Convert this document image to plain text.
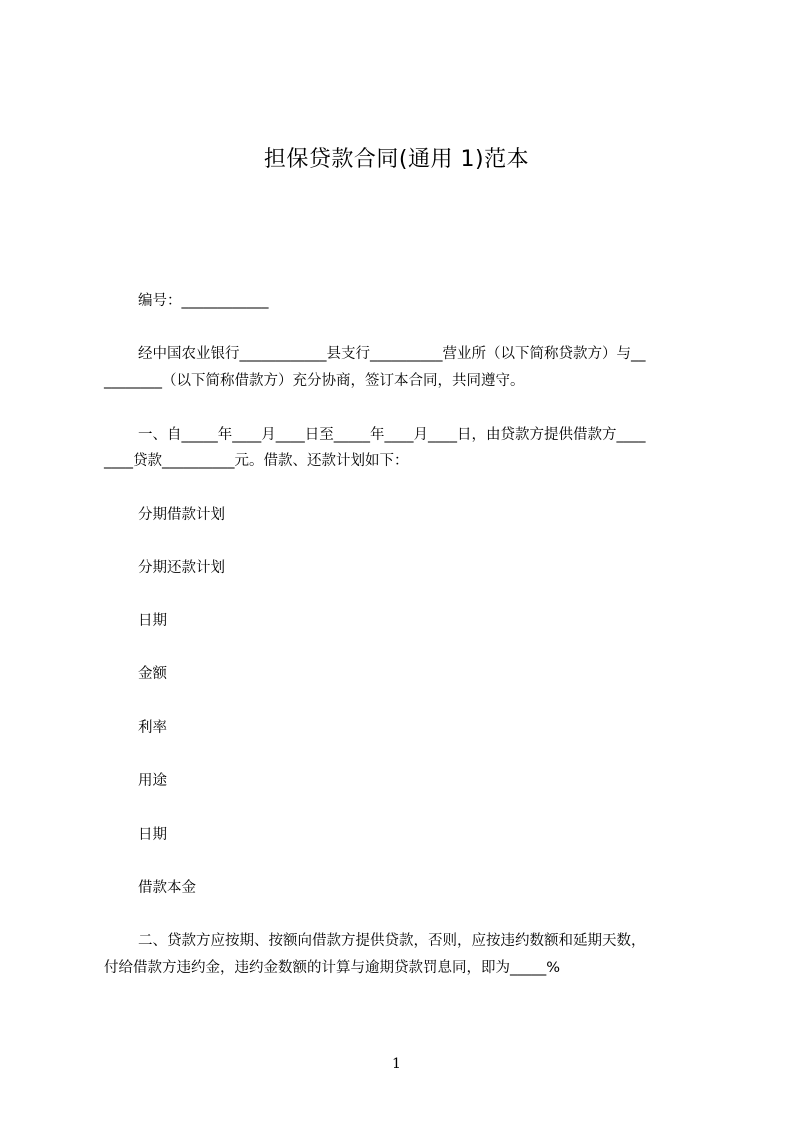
担保贷款合同(通用 1)范本
编号：____________
经中国农业银行____________县支行__________营业所（以下简称贷款方）与__
________（以下简称借款方）充分协商，签订本合同，共同遵守。
一、自_____年____月____日至_____年____月____日，由贷款方提供借款方____
____贷款__________元。借款、还款计划如下：
分期借款计划
分期还款计划
日期
金额
利率
用途
日期
借款本金
二、贷款方应按期、按额向借款方提供贷款，否则，应按违约数额和延期天数，
付给借款方违约金，违约金数额的计算与逾期贷款罚息同，即为_____%
1
